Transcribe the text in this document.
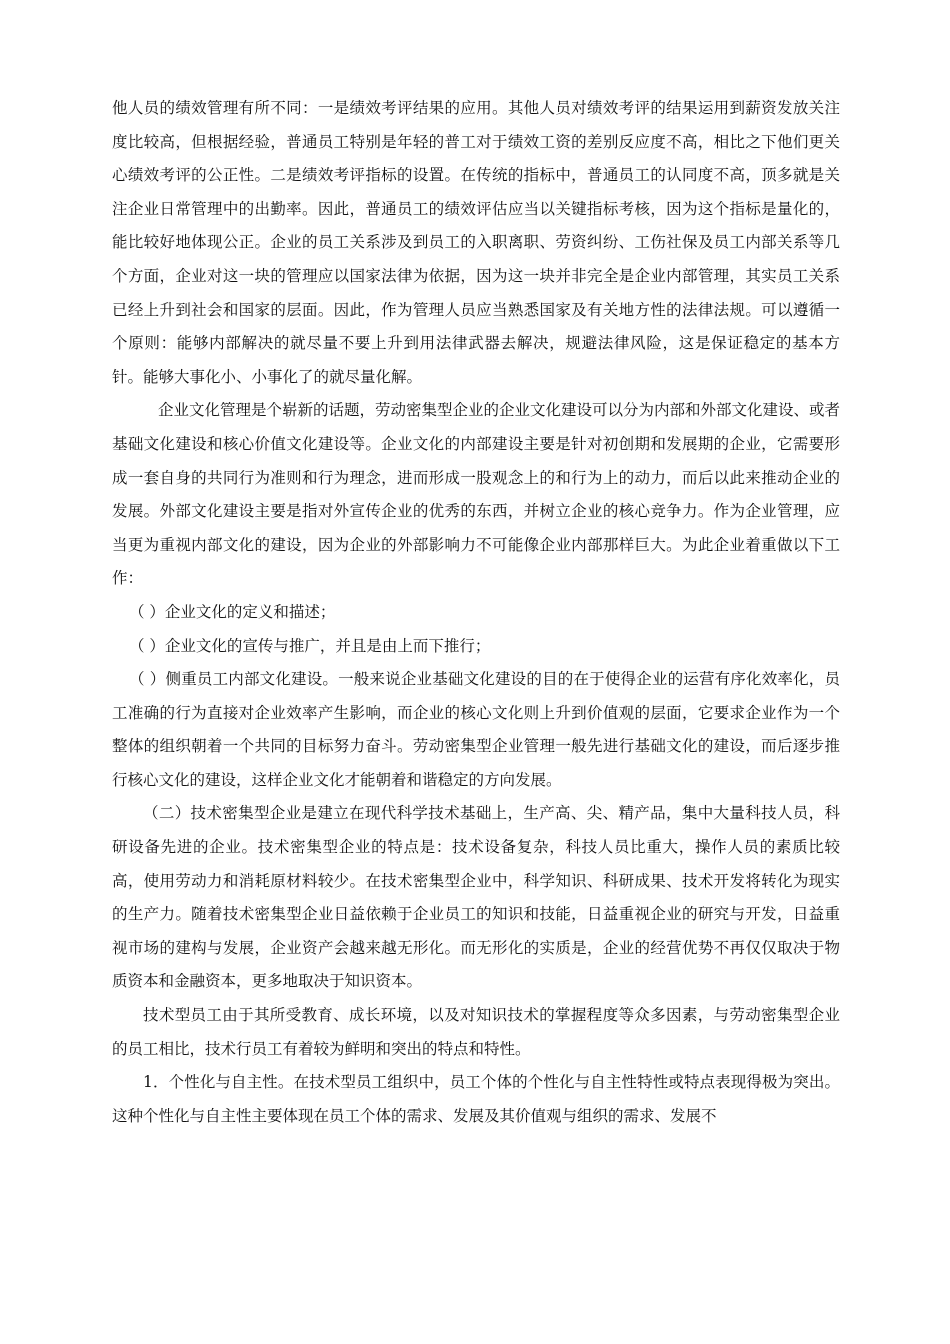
他人员的绩效管理有所不同：一是绩效考评结果的应用。其他人员对绩效考评的结果运用到薪资发放关注度比较高，但根据经验，普通员工特别是年轻的普工对于绩效工资的差别反应度不高，相比之下他们更关心绩效考评的公正性。二是绩效考评指标的设置。在传统的指标中，普通员工的认同度不高，顶多就是关注企业日常管理中的出勤率。因此，普通员工的绩效评估应当以关键指标考核，因为这个指标是量化的，能比较好地体现公正。企业的员工关系涉及到员工的入职离职、劳资纠纷、工伤社保及员工内部关系等几个方面，企业对这一块的管理应以国家法律为依据，因为这一块并非完全是企业内部管理，其实员工关系已经上升到社会和国家的层面。因此，作为管理人员应当熟悉国家及有关地方性的法律法规。可以遵循一个原则：能够内部解决的就尽量不要上升到用法律武器去解决，规避法律风险，这是保证稳定的基本方针。能够大事化小、小事化了的就尽量化解。

企业文化管理是个崭新的话题，劳动密集型企业的企业文化建设可以分为内部和外部文化建设、或者基础文化建设和核心价值文化建设等。企业文化的内部建设主要是针对初创期和发展期的企业，它需要形成一套自身的共同行为准则和行为理念，进而形成一股观念上的和行为上的动力，而后以此来推动企业的发展。外部文化建设主要是指对外宣传企业的优秀的东西，并树立企业的核心竞争力。作为企业管理，应当更为重视内部文化的建设，因为企业的外部影响力不可能像企业内部那样巨大。为此企业着重做以下工作：

（ ）企业文化的定义和描述；

（ ）企业文化的宣传与推广，并且是由上而下推行；

（ ）侧重员工内部文化建设。一般来说企业基础文化建设的目的在于使得企业的运营有序化效率化，员工准确的行为直接对企业效率产生影响，而企业的核心文化则上升到价值观的层面，它要求企业作为一个整体的组织朝着一个共同的目标努力奋斗。劳动密集型企业管理一般先进行基础文化的建设，而后逐步推行核心文化的建设，这样企业文化才能朝着和谐稳定的方向发展。

（二）技术密集型企业是建立在现代科学技术基础上，生产高、尖、精产品，集中大量科技人员，科研设备先进的企业。技术密集型企业的特点是：技术设备复杂，科技人员比重大，操作人员的素质比较高，使用劳动力和消耗原材料较少。在技术密集型企业中，科学知识、科研成果、技术开发将转化为现实的生产力。随着技术密集型企业日益依赖于企业员工的知识和技能，日益重视企业的研究与开发，日益重视市场的建构与发展，企业资产会越来越无形化。而无形化的实质是，企业的经营优势不再仅仅取决于物质资本和金融资本，更多地取决于知识资本。

技术型员工由于其所受教育、成长环境，以及对知识技术的掌握程度等众多因素，与劳动密集型企业的员工相比，技术行员工有着较为鲜明和突出的特点和特性。

1．个性化与自主性。在技术型员工组织中，员工个体的个性化与自主性特性或特点表现得极为突出。这种个性化与自主性主要体现在员工个体的需求、发展及其价值观与组织的需求、发展不
